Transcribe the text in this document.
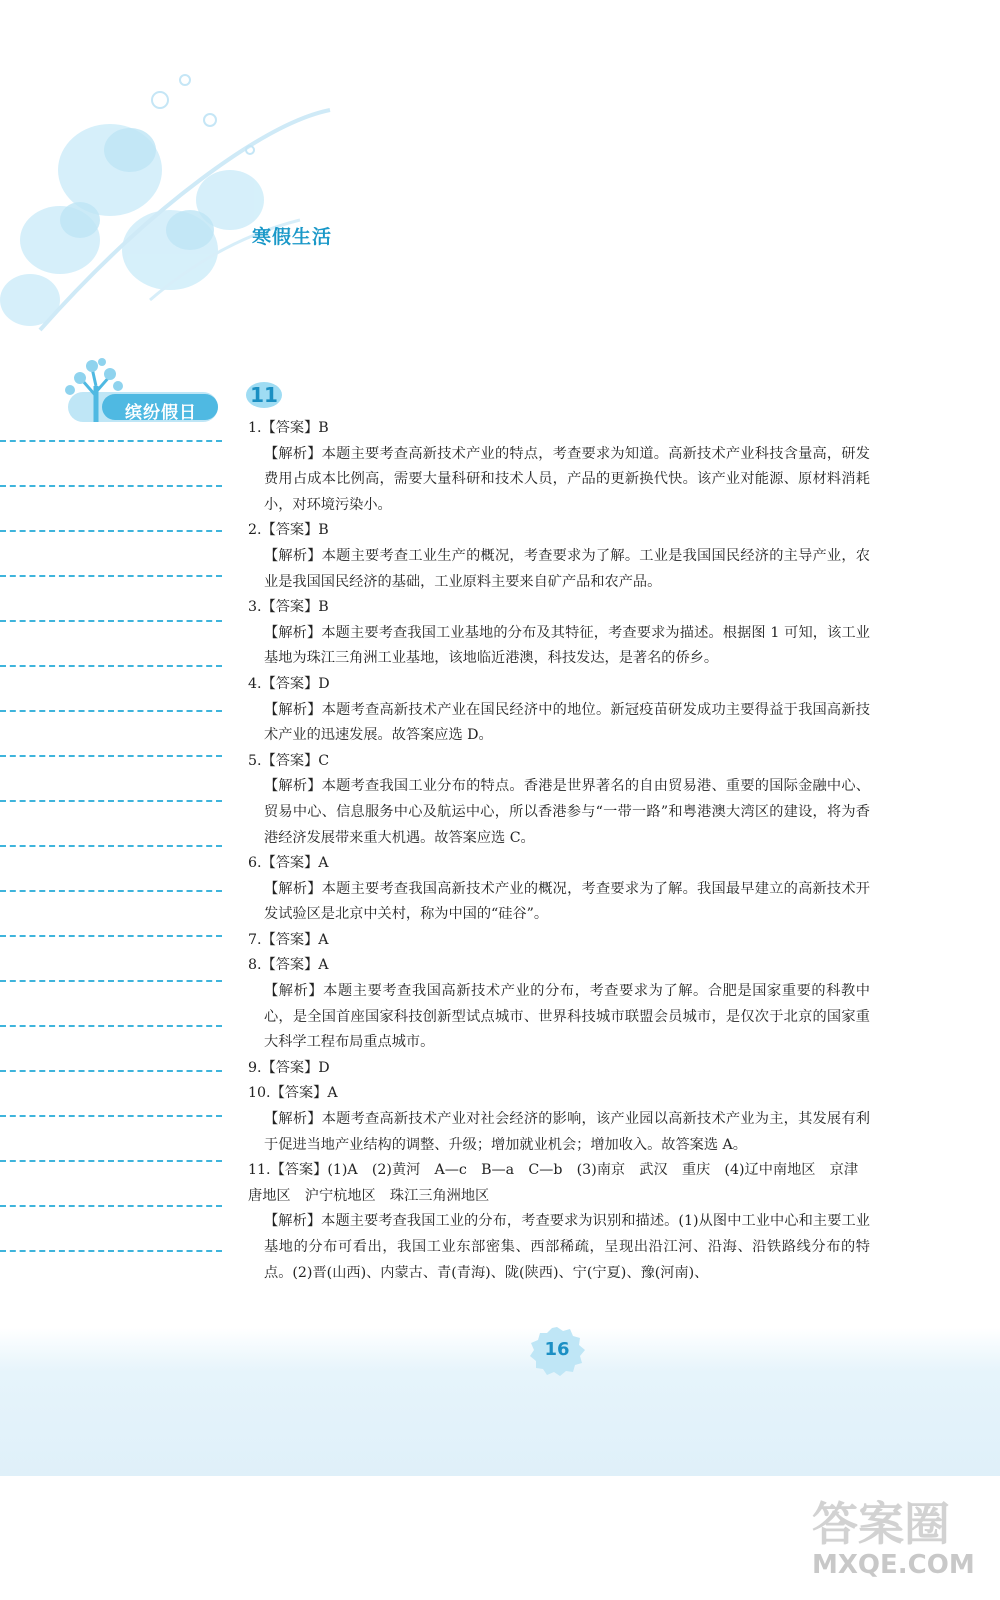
寒假生活
缤纷假日
11
1.【答案】B
【解析】本题主要考查高新技术产业的特点，考查要求为知道。高新技术产业科技含量高，研发费用占成本比例高，需要大量科研和技术人员，产品的更新换代快。该产业对能源、原材料消耗小，对环境污染小。
2.【答案】B
【解析】本题主要考查工业生产的概况，考查要求为了解。工业是我国国民经济的主导产业，农业是我国国民经济的基础，工业原料主要来自矿产品和农产品。
3.【答案】B
【解析】本题主要考查我国工业基地的分布及其特征，考查要求为描述。根据图 1 可知，该工业基地为珠江三角洲工业基地，该地临近港澳，科技发达，是著名的侨乡。
4.【答案】D
【解析】本题考查高新技术产业在国民经济中的地位。新冠疫苗研发成功主要得益于我国高新技术产业的迅速发展。故答案应选 D。
5.【答案】C
【解析】本题考查我国工业分布的特点。香港是世界著名的自由贸易港、重要的国际金融中心、贸易中心、信息服务中心及航运中心，所以香港参与“一带一路”和粤港澳大湾区的建设，将为香港经济发展带来重大机遇。故答案应选 C。
6.【答案】A
【解析】本题主要考查我国高新技术产业的概况，考查要求为了解。我国最早建立的高新技术开发试验区是北京中关村，称为中国的“硅谷”。
7.【答案】A
8.【答案】A
【解析】本题主要考查我国高新技术产业的分布，考查要求为了解。合肥是国家重要的科教中心，是全国首座国家科技创新型试点城市、世界科技城市联盟会员城市，是仅次于北京的国家重大科学工程布局重点城市。
9.【答案】D
10.【答案】A
【解析】本题考查高新技术产业对社会经济的影响，该产业园以高新技术产业为主，其发展有利于促进当地产业结构的调整、升级；增加就业机会；增加收入。故答案选 A。
11.【答案】(1)A　(2)黄河　A—c　B—a　C—b　(3)南京　武汉　重庆　(4)辽中南地区　京津唐地区　沪宁杭地区　珠江三角洲地区
【解析】本题主要考查我国工业的分布，考查要求为识别和描述。(1)从图中工业中心和主要工业基地的分布可看出，我国工业东部密集、西部稀疏，呈现出沿江河、沿海、沿铁路线分布的特点。(2)晋(山西)、内蒙古、青(青海)、陇(陕西)、宁(宁夏)、豫(河南)、
16
答案圈
MXQE.COM
